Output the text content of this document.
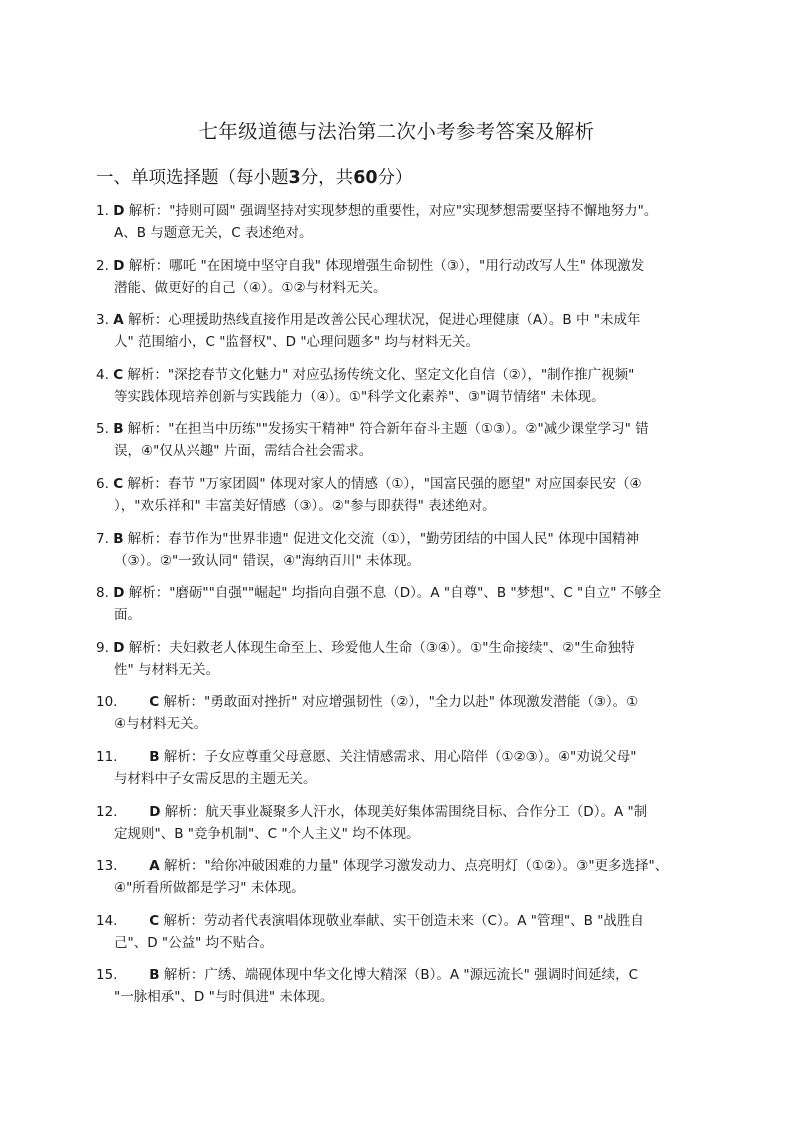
七年级道德与法治第二次小考参考答案及解析
一、单项选择题（每小题3分，共60分）
1. D 解析："持则可圆" 强调坚持对实现梦想的重要性，对应"实现梦想需要坚持不懈地努力"。
A、B 与题意无关，C 表述绝对。
2. D 解析：哪吒 "在困境中坚守自我" 体现增强生命韧性（③），"用行动改写人生" 体现激发
潜能、做更好的自己（④）。①②与材料无关。
3. A 解析：心理援助热线直接作用是改善公民心理状况，促进心理健康（A）。B 中 "未成年
人" 范围缩小，C "监督权"、D "心理问题多" 均与材料无关。
4. C 解析："深挖春节文化魅力" 对应弘扬传统文化、坚定文化自信（②），"制作推广视频"
等实践体现培养创新与实践能力（④）。①"科学文化素养"、③"调节情绪" 未体现。
5. B 解析："在担当中历练""发扬实干精神" 符合新年奋斗主题（①③）。②"减少课堂学习" 错
误，④"仅从兴趣" 片面，需结合社会需求。
6. C 解析：春节 "万家团圆" 体现对家人的情感（①），"国富民强的愿望" 对应国泰民安（④
），"欢乐祥和" 丰富美好情感（③）。②"参与即获得" 表述绝对。
7. B 解析：春节作为"世界非遗" 促进文化交流（①），"勤劳团结的中国人民" 体现中国精神
（③）。②"一致认同" 错误，④"海纳百川" 未体现。
8. D 解析："磨砺""自强""崛起" 均指向自强不息（D）。A "自尊"、B "梦想"、C "自立" 不够全
面。
9. D 解析：夫妇救老人体现生命至上、珍爱他人生命（③④）。①"生命接续"、②"生命独特
性" 与材料无关。
10. C 解析："勇敢面对挫折" 对应增强韧性（②），"全力以赴" 体现激发潜能（③）。①
④与材料无关。
11. B 解析：子女应尊重父母意愿、关注情感需求、用心陪伴（①②③）。④"劝说父母"
与材料中子女需反思的主题无关。
12. D 解析：航天事业凝聚多人汗水，体现美好集体需围绕目标、合作分工（D）。A "制
定规则"、B "竞争机制"、C "个人主义" 均不体现。
13. A 解析："给你冲破困难的力量" 体现学习激发动力、点亮明灯（①②）。③"更多选择"、
④"所看所做都是学习" 未体现。
14. C 解析：劳动者代表演唱体现敬业奉献、实干创造未来（C）。A "管理"、B "战胜自
己"、D "公益" 均不贴合。
15. B 解析：广绣、端砚体现中华文化博大精深（B）。A "源远流长" 强调时间延续，C
"一脉相承"、D "与时俱进" 未体现。
